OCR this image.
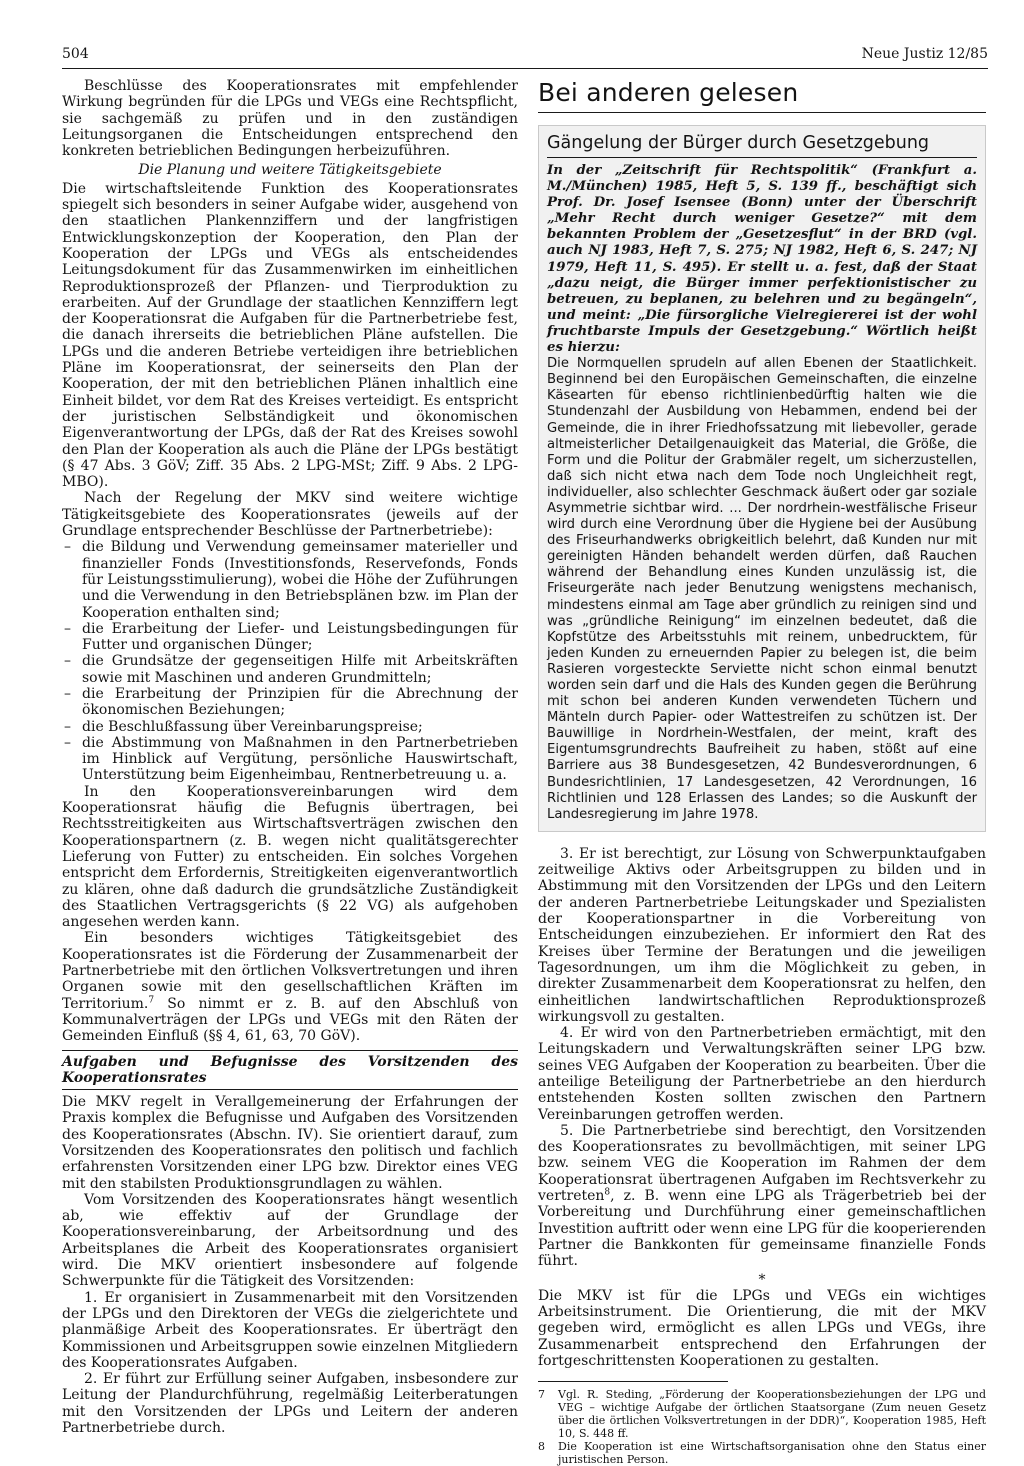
504	Neue Justiz 12/85

Beschlüsse des Kooperationsrates mit empfehlender Wirkung begründen für die LPGs und VEGs eine Rechtspflicht, sie sachgemäß zu prüfen und in den zuständigen Leitungsorganen die Entscheidungen entsprechend den konkreten betrieblichen Bedingungen herbeizuführen.

Die Planung und weitere Tätigkeitsgebiete

Die wirtschaftsleitende Funktion des Kooperationsrates spiegelt sich besonders in seiner Aufgabe wider, ausgehend von den staatlichen Plankennziffern und der langfristigen Entwicklungskonzeption der Kooperation, den Plan der Kooperation der LPGs und VEGs als entscheidendes Leitungsdokument für das Zusammenwirken im einheitlichen Reproduktionsprozeß der Pflanzen- und Tierproduktion zu erarbeiten. Auf der Grundlage der staatlichen Kennziffern legt der Kooperationsrat die Aufgaben für die Partnerbetriebe fest, die danach ihrerseits die betrieblichen Pläne aufstellen. Die LPGs und die anderen Betriebe verteidigen ihre betrieblichen Pläne im Kooperationsrat, der seinerseits den Plan der Kooperation, der mit den betrieblichen Plänen inhaltlich eine Einheit bildet, vor dem Rat des Kreises verteidigt. Es entspricht der juristischen Selbständigkeit und ökonomischen Eigenverantwortung der LPGs, daß der Rat des Kreises sowohl den Plan der Kooperation als auch die Pläne der LPGs bestätigt (§ 47 Abs. 3 GöV; Ziff. 35 Abs. 2 LPG-MSt; Ziff. 9 Abs. 2 LPG-MBO).

Nach der Regelung der MKV sind weitere wichtige Tätigkeitsgebiete des Kooperationsrates (jeweils auf der Grundlage entsprechender Beschlüsse der Partnerbetriebe):

– die Bildung und Verwendung gemeinsamer materieller und finanzieller Fonds (Investitionsfonds, Reservefonds, Fonds für Leistungsstimulierung), wobei die Höhe der Zuführungen und die Verwendung in den Betriebsplänen bzw. im Plan der Kooperation enthalten sind;
– die Erarbeitung der Liefer- und Leistungsbedingungen für Futter und organischen Dünger;
– die Grundsätze der gegenseitigen Hilfe mit Arbeitskräften sowie mit Maschinen und anderen Grundmitteln;
– die Erarbeitung der Prinzipien für die Abrechnung der ökonomischen Beziehungen;
– die Beschlußfassung über Vereinbarungspreise;
– die Abstimmung von Maßnahmen in den Partnerbetrieben im Hinblick auf Vergütung, persönliche Hauswirtschaft, Unterstützung beim Eigenheimbau, Rentnerbetreuung u. a.

In den Kooperationsvereinbarungen wird dem Kooperationsrat häufig die Befugnis übertragen, bei Rechtsstreitigkeiten aus Wirtschaftsverträgen zwischen den Kooperationspartnern (z. B. wegen nicht qualitätsgerechter Lieferung von Futter) zu entscheiden. Ein solches Vorgehen entspricht dem Erfordernis, Streitigkeiten eigenverantwortlich zu klären, ohne daß dadurch die grundsätzliche Zuständigkeit des Staatlichen Vertragsgerichts (§ 22 VG) als aufgehoben angesehen werden kann.

Ein besonders wichtiges Tätigkeitsgebiet des Kooperationsrates ist die Förderung der Zusammenarbeit der Partnerbetriebe mit den örtlichen Volksvertretungen und ihren Organen sowie mit den gesellschaftlichen Kräften im Territorium.$^7$ So nimmt er z. B. auf den Abschluß von Kommunalverträgen der LPGs und VEGs mit den Räten der Gemeinden Einfluß (§§ 4, 61, 63, 70 GöV).

Aufgaben und Befugnisse des Vorsitzenden des Kooperationsrates

Die MKV regelt in Verallgemeinerung der Erfahrungen der Praxis komplex die Befugnisse und Aufgaben des Vorsitzenden des Kooperationsrates (Abschn. IV). Sie orientiert darauf, zum Vorsitzenden des Kooperationsrates den politisch und fachlich erfahrensten Vorsitzenden einer LPG bzw. Direktor eines VEG mit den stabilsten Produktionsgrundlagen zu wählen.

Vom Vorsitzenden des Kooperationsrates hängt wesentlich ab, wie effektiv auf der Grundlage der Kooperationsvereinbarung, der Arbeitsordnung und des Arbeitsplanes die Arbeit des Kooperationsrates organisiert wird. Die MKV orientiert insbesondere auf folgende Schwerpunkte für die Tätigkeit des Vorsitzenden:

1. Er organisiert in Zusammenarbeit mit den Vorsitzenden der LPGs und den Direktoren der VEGs die zielgerichtete und planmäßige Arbeit des Kooperationsrates. Er überträgt den Kommissionen und Arbeitsgruppen sowie einzelnen Mitgliedern des Kooperationsrates Aufgaben.

2. Er führt zur Erfüllung seiner Aufgaben, insbesondere zur Leitung der Plandurchführung, regelmäßig Leiterberatungen mit den Vorsitzenden der LPGs und Leitern der anderen Partnerbetriebe durch.

Bei anderen gelesen
Gängelung der Bürger durch Gesetzgebung

In der „Zeitschrift für Rechtspolitik“ (Frankfurt a. M./München) 1985, Heft 5, S. 139 ff., beschäftigt sich Prof. Dr. Josef Isensee (Bonn) unter der Überschrift „Mehr Recht durch weniger Gesetze?“ mit dem bekannten Problem der „Gesetzesflut“ in der BRD (vgl. auch NJ 1983, Heft 7, S. 275; NJ 1982, Heft 6, S. 247; NJ 1979, Heft 11, S. 495). Er stellt u. a. fest, daß der Staat „dazu neigt, die Bürger immer perfektionistischer zu betreuen, zu beplanen, zu belehren und zu begängeln“, und meint: „Die fürsorgliche Vielregiererei ist der wohl fruchtbarste Impuls der Gesetzgebung.“ Wörtlich heißt es hierzu:

Die Normquellen sprudeln auf allen Ebenen der Staatlichkeit. Beginnend bei den Europäischen Gemeinschaften, die einzelne Käsearten für ebenso richtlinienbedürftig halten wie die Stundenzahl der Ausbildung von Hebammen, endend bei der Gemeinde, die in ihrer Friedhofssatzung mit liebevoller, gerade altmeisterlicher Detailgenauigkeit das Material, die Größe, die Form und die Politur der Grabmäler regelt, um sicherzustellen, daß sich nicht etwa nach dem Tode noch Ungleichheit regt, individueller, also schlechter Geschmack äußert oder gar soziale Asymmetrie sichtbar wird. ... Der nordrhein-westfälische Friseur wird durch eine Verordnung über die Hygiene bei der Ausübung des Friseurhandwerks obrigkeitlich belehrt, daß Kunden nur mit gereinigten Händen behandelt werden dürfen, daß Rauchen während der Behandlung eines Kunden unzulässig ist, die Friseurgeräte nach jeder Benutzung wenigstens mechanisch, mindestens einmal am Tage aber gründlich zu reinigen sind und was „gründliche Reinigung“ im einzelnen bedeutet, daß die Kopfstütze des Arbeitsstuhls mit reinem, unbedrucktem, für jeden Kunden zu erneuernden Papier zu belegen ist, die beim Rasieren vorgesteckte Serviette nicht schon einmal benutzt worden sein darf und die Hals des Kunden gegen die Berührung mit schon bei anderen Kunden verwendeten Tüchern und Mänteln durch Papier- oder Wattestreifen zu schützen ist. Der Bauwillige in Nordrhein-Westfalen, der meint, kraft des Eigentumsgrundrechts Baufreiheit zu haben, stößt auf eine Barriere aus 38 Bundesgesetzen, 42 Bundesverordnungen, 6 Bundesrichtlinien, 17 Landesgesetzen, 42 Verordnungen, 16 Richtlinien und 128 Erlassen des Landes; so die Auskunft der Landesregierung im Jahre 1978.

3. Er ist berechtigt, zur Lösung von Schwerpunktaufgaben zeitweilige Aktivs oder Arbeitsgruppen zu bilden und in Abstimmung mit den Vorsitzenden der LPGs und den Leitern der anderen Partnerbetriebe Leitungskader und Spezialisten der Kooperationspartner in die Vorbereitung von Entscheidungen einzubeziehen. Er informiert den Rat des Kreises über Termine der Beratungen und die jeweiligen Tagesordnungen, um ihm die Möglichkeit zu geben, in direkter Zusammenarbeit dem Kooperationsrat zu helfen, den einheitlichen landwirtschaftlichen Reproduktionsprozeß wirkungsvoll zu gestalten.

4. Er wird von den Partnerbetrieben ermächtigt, mit den Leitungskadern und Verwaltungskräften seiner LPG bzw. seines VEG Aufgaben der Kooperation zu bearbeiten. Über die anteilige Beteiligung der Partnerbetriebe an den hierdurch entstehenden Kosten sollten zwischen den Partnern Vereinbarungen getroffen werden.

5. Die Partnerbetriebe sind berechtigt, den Vorsitzenden des Kooperationsrates zu bevollmächtigen, mit seiner LPG bzw. seinem VEG die Kooperation im Rahmen der dem Kooperationsrat übertragenen Aufgaben im Rechtsverkehr zu vertreten$^8$, z. B. wenn eine LPG als Trägerbetrieb bei der Vorbereitung und Durchführung einer gemeinschaftlichen Investition auftritt oder wenn eine LPG für die kooperierenden Partner die Bankkonten für gemeinsame finanzielle Fonds führt.

*

Die MKV ist für die LPGs und VEGs ein wichtiges Arbeitsinstrument. Die Orientierung, die mit der MKV gegeben wird, ermöglicht es allen LPGs und VEGs, ihre Zusammenarbeit entsprechend den Erfahrungen der fortgeschrittensten Kooperationen zu gestalten.

7	Vgl. R. Steding, „Förderung der Kooperationsbeziehungen der LPG und VEG – wichtige Aufgabe der örtlichen Staatsorgane (Zum neuen Gesetz über die örtlichen Volksvertretungen in der DDR)“, Kooperation 1985, Heft 10, S. 448 ff.
8	Die Kooperation ist eine Wirtschaftsorganisation ohne den Status einer juristischen Person.
